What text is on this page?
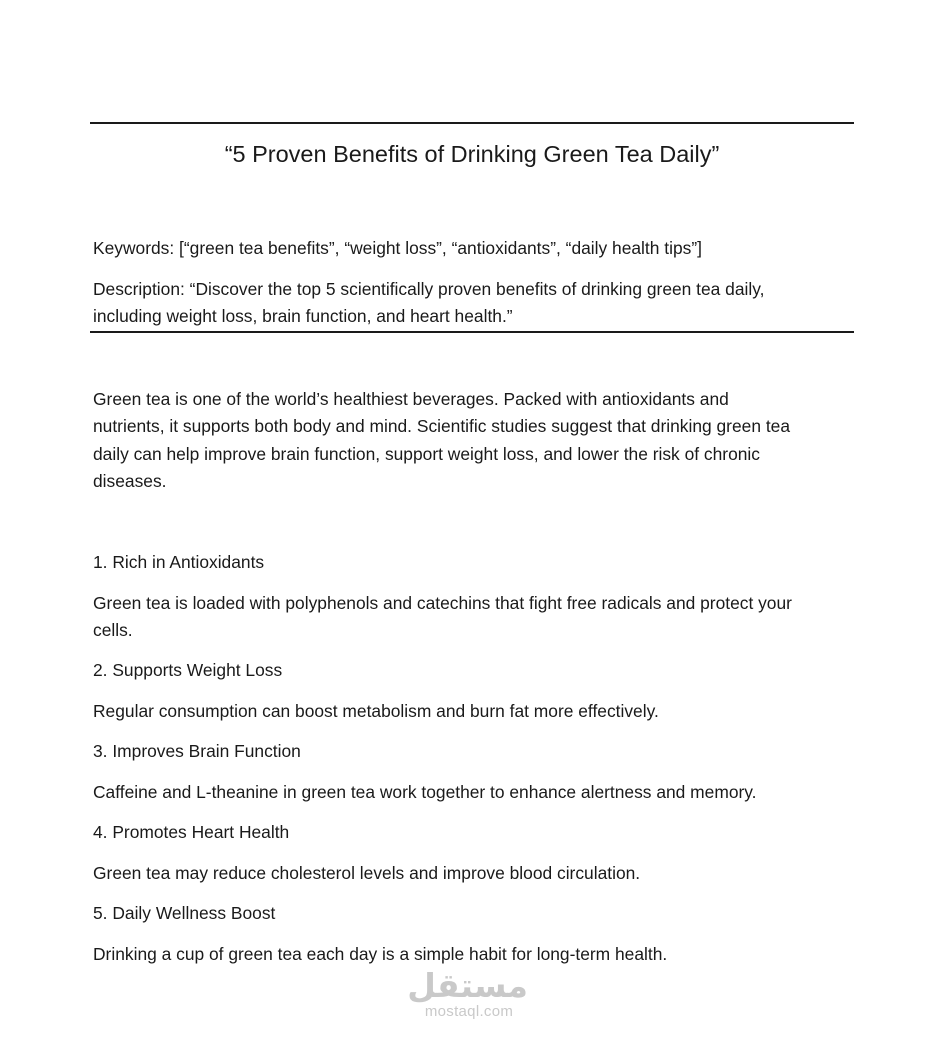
“5 Proven Benefits of Drinking Green Tea Daily”

Keywords: [“green tea benefits”, “weight loss”, “antioxidants”, “daily health tips”]

Description: “Discover the top 5 scientifically proven benefits of drinking green tea daily,

including weight loss, brain function, and heart health.”

Green tea is one of the world’s healthiest beverages. Packed with antioxidants and

nutrients, it supports both body and mind. Scientific studies suggest that drinking green tea

daily can help improve brain function, support weight loss, and lower the risk of chronic

diseases.

1. Rich in Antioxidants

Green tea is loaded with polyphenols and catechins that fight free radicals and protect your

cells.

2. Supports Weight Loss

Regular consumption can boost metabolism and burn fat more effectively.

3. Improves Brain Function

Caffeine and L-theanine in green tea work together to enhance alertness and memory.

4. Promotes Heart Health

Green tea may reduce cholesterol levels and improve blood circulation.

5. Daily Wellness Boost

Drinking a cup of green tea each day is a simple habit for long-term health.

مستقل
mostaql.com
